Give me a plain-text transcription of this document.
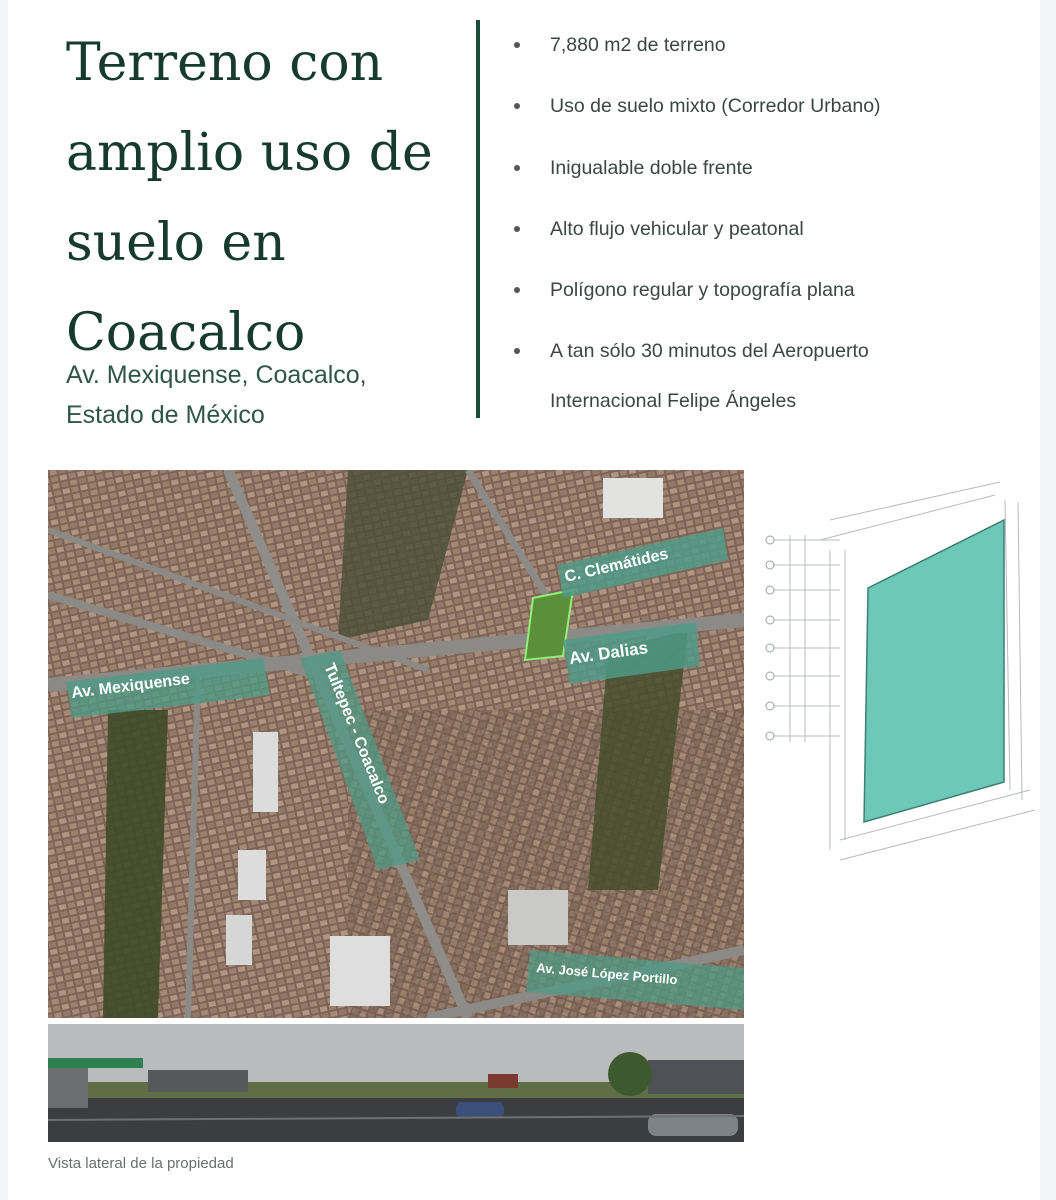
Terreno con
amplio uso de
suelo en
Coacalco
Av. Mexiquense, Coacalco,
Estado de México
7,880 m2 de terreno
Uso de suelo mixto (Corredor Urbano)
Inigualable doble frente
Alto flujo vehicular y peatonal
Polígono regular y topografía plana
A tan sólo 30 minutos del Aeropuerto
Internacional Felipe Ángeles
C. Clemátides
Av. Dalias
Av. Mexiquense	Tultepec - Coacalco
Av. José López Portillo
Vista lateral de la propiedad
